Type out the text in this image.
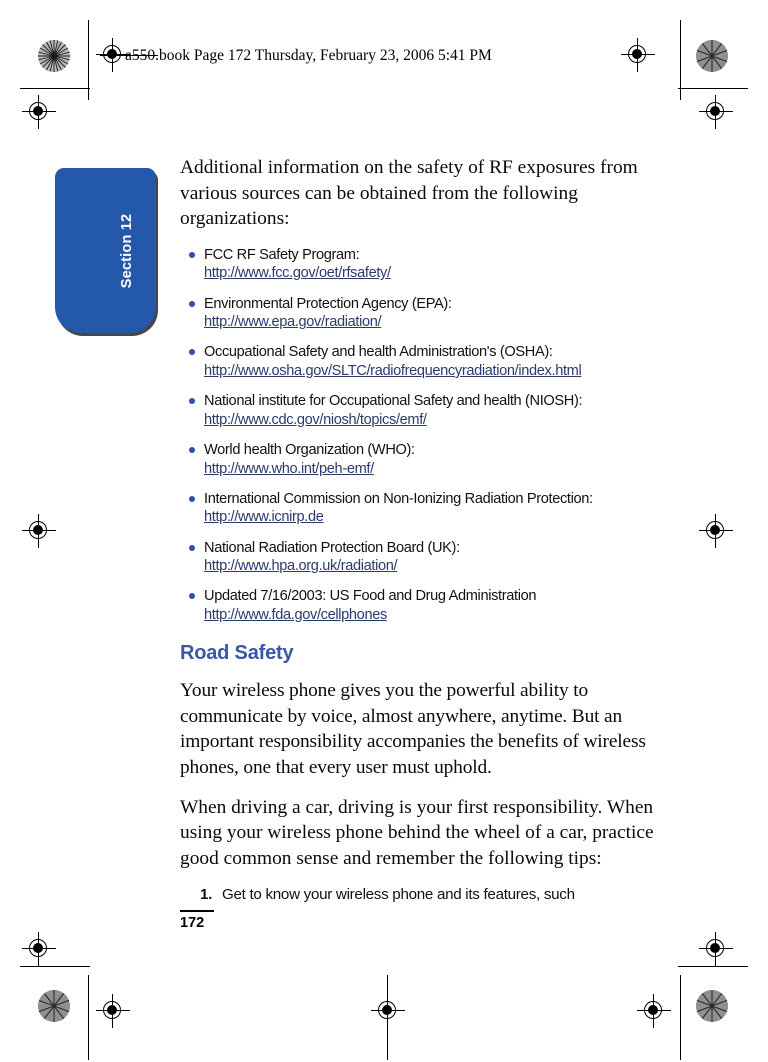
a550.book Page 172 Thursday, February 23, 2006 5:41 PM
Section 12

Additional information on the safety of RF exposures from various sources can be obtained from the following organizations:

FCC RF Safety Program:
http://www.fcc.gov/oet/rfsafety/
Environmental Protection Agency (EPA):
http://www.epa.gov/radiation/
Occupational Safety and health Administration's (OSHA):
http://www.osha.gov/SLTC/radiofrequencyradiation/index.html
National institute for Occupational Safety and health (NIOSH):
http://www.cdc.gov/niosh/topics/emf/
World health Organization (WHO):
http://www.who.int/peh-emf/
International Commission on Non-Ionizing Radiation Protection:
http://www.icnirp.de
National Radiation Protection Board (UK):
http://www.hpa.org.uk/radiation/
Updated 7/16/2003: US Food and Drug Administration
http://www.fda.gov/cellphones
Road Safety

Your wireless phone gives you the powerful ability to communicate by voice, almost anywhere, anytime. But an important responsibility accompanies the benefits of wireless phones, one that every user must uphold.

When driving a car, driving is your first responsibility. When using your wireless phone behind the wheel of a car, practice good common sense and remember the following tips:

1. Get to know your wireless phone and its features, such
172
